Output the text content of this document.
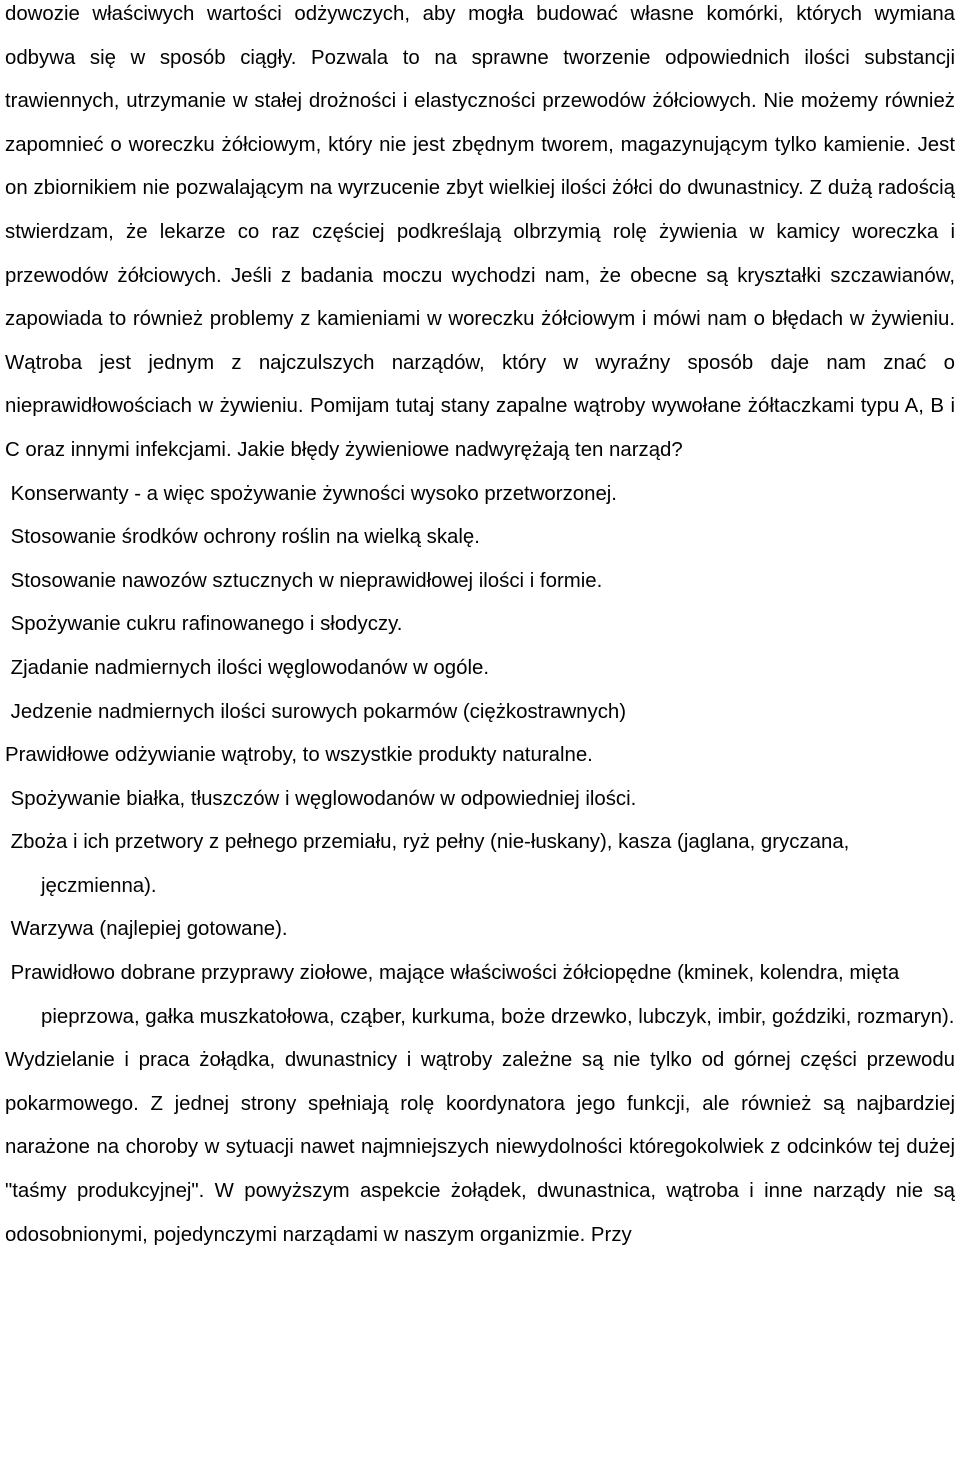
dowozie właściwych wartości odżywczych, aby mogła budować własne komórki, których wymiana odbywa się w sposób ciągły. Pozwala to na sprawne tworzenie odpowiednich ilości substancji trawiennych, utrzymanie w stałej drożności i elastyczności przewodów żółciowych. Nie możemy również zapomnieć o woreczku żółciowym, który nie jest zbędnym tworem, magazynującym tylko kamienie. Jest on zbiornikiem nie pozwalającym na wyrzucenie zbyt wielkiej ilości żółci do dwunastnicy. Z dużą radością stwierdzam, że lekarze co raz częściej podkreślają olbrzymią rolę żywienia w kamicy woreczka i przewodów żółciowych. Jeśli z badania moczu wychodzi nam, że obecne są kryształki szczawianów, zapowiada to również problemy z kamieniami w woreczku żółciowym i mówi nam o błędach w żywieniu. Wątroba jest jednym z najczulszych narządów, który w wyraźny sposób daje nam znać o nieprawidłowościach w żywieniu. Pomijam tutaj stany zapalne wątroby wywołane żółtaczkami typu A, B i C oraz innymi infekcjami. Jakie błędy żywieniowe nadwyrężają ten narząd?

Konserwanty - a więc spożywanie żywności wysoko przetworzonej.
Stosowanie środków ochrony roślin na wielką skalę.
Stosowanie nawozów sztucznych w nieprawidłowej ilości i formie.
Spożywanie cukru rafinowanego i słodyczy.
Zjadanie nadmiernych ilości węglowodanów w ogóle.
Jedzenie nadmiernych ilości surowych pokarmów (ciężkostrawnych)

Prawidłowe odżywianie wątroby, to wszystkie produkty naturalne.

Spożywanie białka, tłuszczów i węglowodanów w odpowiedniej ilości.
Zboża i ich przetwory z pełnego przemiału, ryż pełny (nie-łuskany), kasza (jaglana, gryczana, jęczmienna).
Warzywa (najlepiej gotowane).
Prawidłowo dobrane przyprawy ziołowe, mające właściwości żółciopędne (kminek, kolendra, mięta pieprzowa, gałka muszkatołowa, cząber, kurkuma, boże drzewko, lubczyk, imbir, goździki, rozmaryn).

Wydzielanie i praca żołądka, dwunastnicy i wątroby zależne są nie tylko od górnej części przewodu pokarmowego. Z jednej strony spełniają rolę koordynatora jego funkcji, ale również są najbardziej narażone na choroby w sytuacji nawet najmniejszych niewydolności któregokolwiek z odcinków tej dużej "taśmy produkcyjnej". W powyższym aspekcie żołądek, dwunastnica, wątroba i inne narządy nie są odosobnionymi, pojedynczymi narządami w naszym organizmie. Przy
